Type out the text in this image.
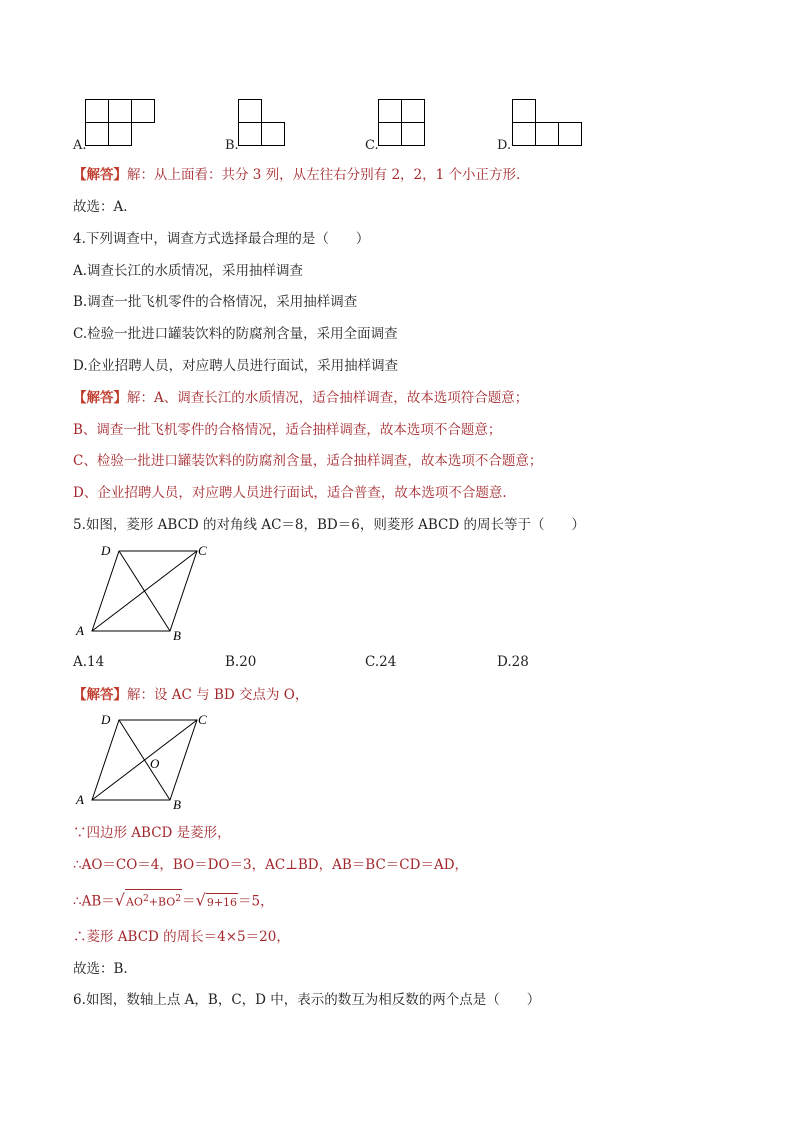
A.	B.	C.	D.
【解答】解：从上面看：共分 3 列，从左往右分别有 2，2，1 个小正方形.
故选：A.
4.下列调查中，调查方式选择最合理的是（　　）
A.调查长江的水质情况，采用抽样调查
B.调查一批飞机零件的合格情况，采用抽样调查
C.检验一批进口罐装饮料的防腐剂含量，采用全面调查
D.企业招聘人员，对应聘人员进行面试，采用抽样调查
【解答】解：A、调查长江的水质情况，适合抽样调查，故本选项符合题意；
B、调查一批飞机零件的合格情况，适合抽样调查，故本选项不合题意；
C、检验一批进口罐装饮料的防腐剂含量，适合抽样调查，故本选项不合题意；
D、企业招聘人员，对应聘人员进行面试，适合普查，故本选项不合题意.
5.如图，菱形 ABCD 的对角线 AC＝8，BD＝6，则菱形 ABCD 的周长等于（　　）
D	C
A	B
A.14	B.20	C.24	D.28
【解答】解：设 AC 与 BD 交点为 O，
D	C
A	B
O
∵四边形 ABCD 是菱形，
∴AO＝CO＝4，BO＝DO＝3，AC⊥BD，AB＝BC＝CD＝AD，
$\therefore AB=√AO^2+BO^2=√9+16=5$，
∴菱形 ABCD 的周长＝4×5＝20，
故选：B.
6.如图，数轴上点 A，B，C，D 中，表示的数互为相反数的两个点是（　　）
